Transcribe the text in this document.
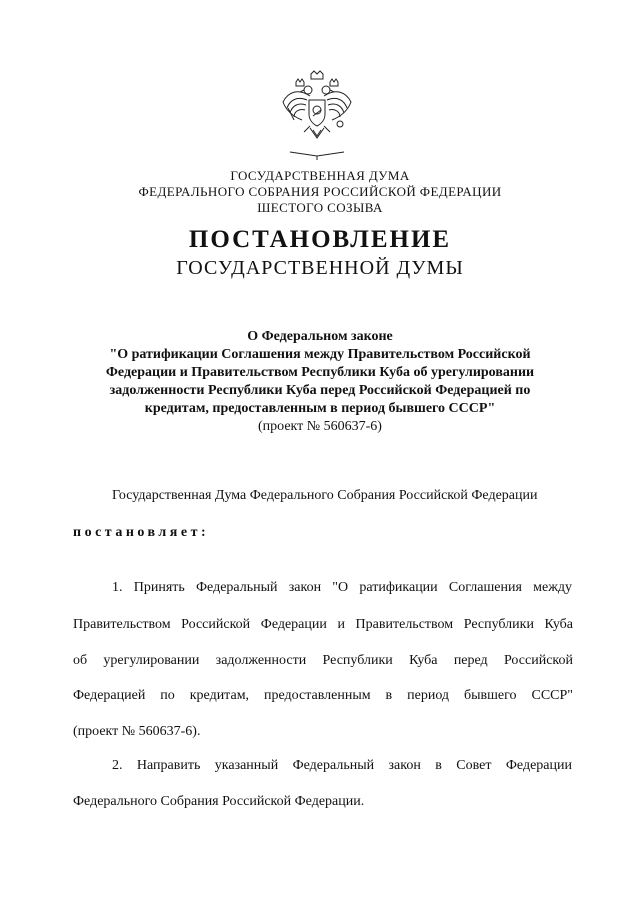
ГОСУДАРСТВЕННАЯ ДУМА
ФЕДЕРАЛЬНОГО СОБРАНИЯ РОССИЙСКОЙ ФЕДЕРАЦИИ
ШЕСТОГО СОЗЫВА
ПОСТАНОВЛЕНИЕ
ГОСУДАРСТВЕННОЙ ДУМЫ
О Федеральном законе
"О ратификации Соглашения между Правительством Российской
Федерации и Правительством Республики Куба об урегулировании
задолженности Республики Куба перед Российской Федерацией по
кредитам, предоставленным в период бывшего СССР"
(проект № 560637-6)
Государственная Дума Федерального Собрания Российской Федерации
постановляет:
1. Принять Федеральный закон "О ратификации Соглашения между
Правительством Российской Федерации и Правительством Республики Куба
об урегулировании задолженности Республики Куба перед Российской
Федерацией по кредитам, предоставленным в период бывшего СССР"
(проект № 560637-6).
2. Направить указанный Федеральный закон в Совет Федерации
Федерального Собрания Российской Федерации.
